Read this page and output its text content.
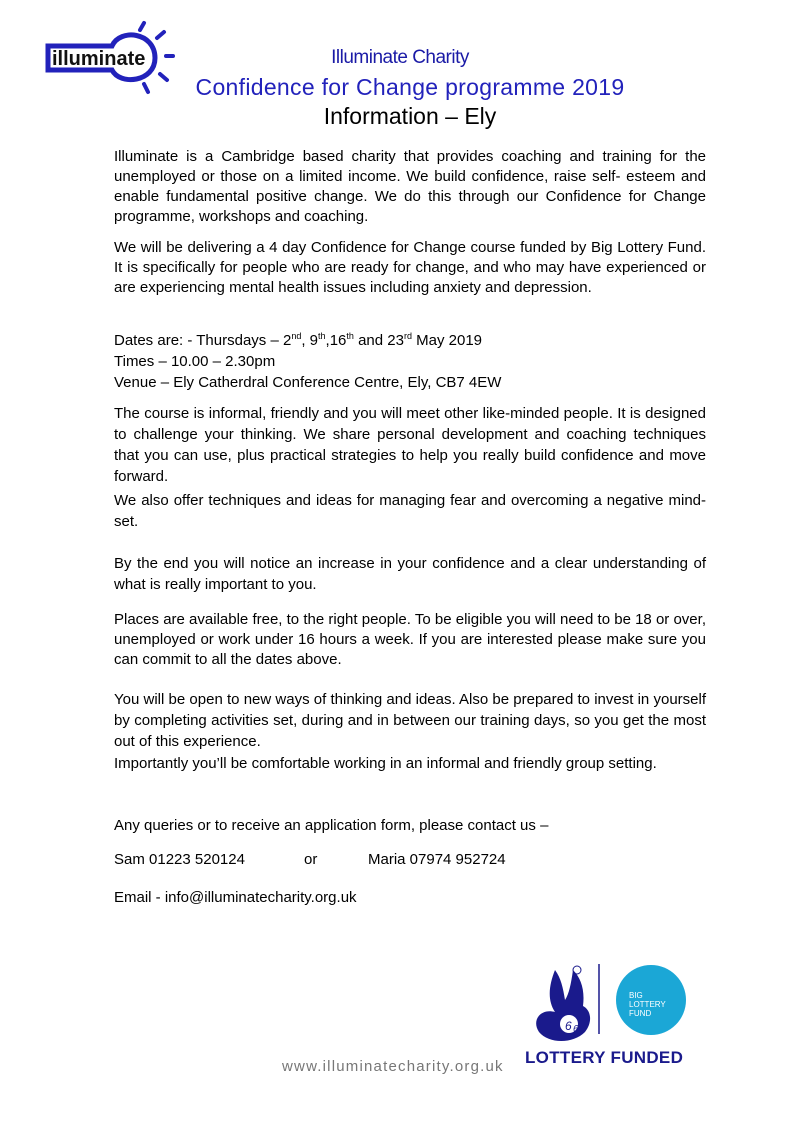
illuminate	Illuminate Charity
Confidence for Change programme 2019
Information – Ely
Illuminate is a Cambridge based charity that provides coaching and training for the unemployed or those on a limited income. We build confidence, raise self- esteem and enable fundamental positive change. We do this through our Confidence for Change programme, workshops and coaching.
We will be delivering a 4 day Confidence for Change course funded by Big Lottery Fund. It is specifically for people who are ready for change, and who may have experienced or are experiencing mental health issues including anxiety and depression.
Dates are: - Thursdays – 2nd, 9th,16th and 23rd May 2019
Times – 10.00 – 2.30pm
Venue – Ely Catherdral Conference Centre, Ely, CB7 4EW
The course is informal, friendly and you will meet other like-minded people. It is designed to challenge your thinking. We share personal development and coaching techniques that you can use, plus practical strategies to help you really build confidence and move forward.
We also offer techniques and ideas for managing fear and overcoming a negative mind-set.
By the end you will notice an increase in your confidence and a clear understanding of what is really important to you.
Places are available free, to the right people. To be eligible you will need to be 18 or over, unemployed or work under 16 hours a week. If you are interested please make sure you can commit to all the dates above.
You will be open to new ways of thinking and ideas. Also be prepared to invest in yourself by completing activities set, during and in between our training days, so you get the most out of this experience.
Importantly you’ll be comfortable working in an informal and friendly group setting.
Any queries or to receive an application form, please contact us –
Sam 01223 520124	or	Maria 07974 952724
Email - info@illuminatecharity.org.uk
6 6
BIG
LOTTERY
FUND
LOTTERY FUNDED
www.illuminatecharity.org.uk
